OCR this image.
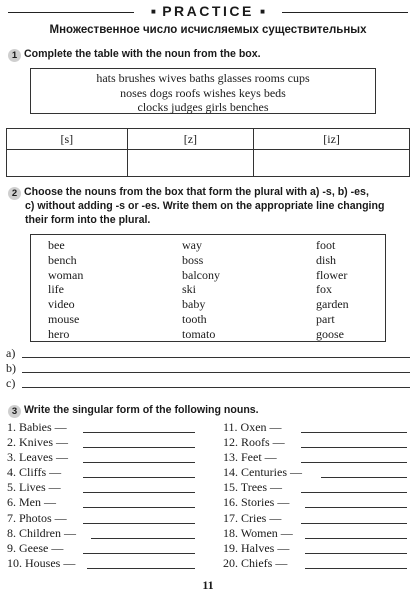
■ PRACTICE ■
Множественное число исчисляемых существительных
1 Complete the table with the noun from the box.
hats brushes wives baths glasses rooms cups
noses dogs roofs wishes keys beds
clocks judges girls benches
[s]	[z]	[iz]

2 Choose the nouns from the box that form the plural with a) -s, b) -es,
c) without adding -s or -es. Write them on the appropriate line changing
their form into the plural.
bee
bench
woman
life
video
mouse
hero
way
boss
balcony
ski
baby
tooth
tomato
foot
dish
flower
fox
garden
part
goose
a)
b)
c)
3 Write the singular form of the following nouns.
1. Babies —
2. Knives —
3. Leaves —
4. Cliffs —
5. Lives —
6. Men —
7. Photos —
8. Children —
9. Geese —
10. Houses —
11. Oxen —
12. Roofs —
13. Feet —
14. Centuries —
15. Trees —
16. Stories —
17. Cries —
18. Women —
19. Halves —
20. Chiefs —
11
